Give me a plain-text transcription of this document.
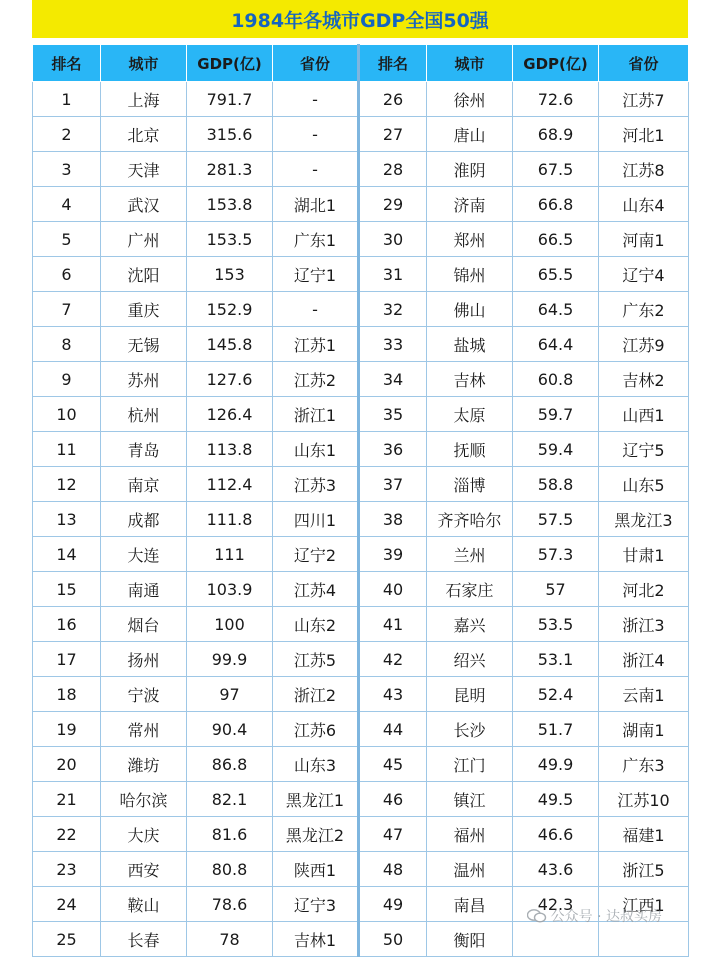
1984年各城市GDP全国50强
排名	城市	GDP(亿)	省份	排名	城市	GDP(亿)	省份
1	上海	791.7	-	26	徐州	72.6	江苏7
2	北京	315.6	-	27	唐山	68.9	河北1
3	天津	281.3	-	28	淮阴	67.5	江苏8
4	武汉	153.8	湖北1	29	济南	66.8	山东4
5	广州	153.5	广东1	30	郑州	66.5	河南1
6	沈阳	153	辽宁1	31	锦州	65.5	辽宁4
7	重庆	152.9	-	32	佛山	64.5	广东2
8	无锡	145.8	江苏1	33	盐城	64.4	江苏9
9	苏州	127.6	江苏2	34	吉林	60.8	吉林2
10	杭州	126.4	浙江1	35	太原	59.7	山西1
11	青岛	113.8	山东1	36	抚顺	59.4	辽宁5
12	南京	112.4	江苏3	37	淄博	58.8	山东5
13	成都	111.8	四川1	38	齐齐哈尔	57.5	黑龙江3
14	大连	111	辽宁2	39	兰州	57.3	甘肃1
15	南通	103.9	江苏4	40	石家庄	57	河北2
16	烟台	100	山东2	41	嘉兴	53.5	浙江3
17	扬州	99.9	江苏5	42	绍兴	53.1	浙江4
18	宁波	97	浙江2	43	昆明	52.4	云南1
19	常州	90.4	江苏6	44	长沙	51.7	湖南1
20	潍坊	86.8	山东3	45	江门	49.9	广东3
21	哈尔滨	82.1	黑龙江1	46	镇江	49.5	江苏10
22	大庆	81.6	黑龙江2	47	福州	46.6	福建1
23	西安	80.8	陕西1	48	温州	43.6	浙江5
24	鞍山	78.6	辽宁3	49	南昌	42.3	江西1
25	长春	78	吉林1	50	衡阳		
公众号 · 达叔买房
